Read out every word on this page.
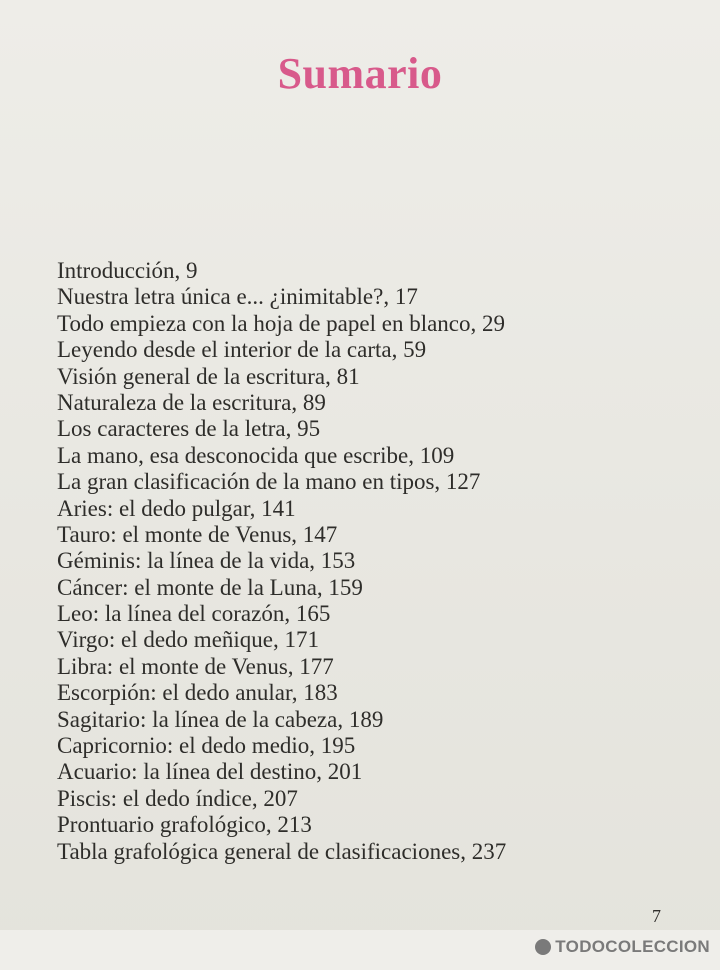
Sumario
Introducción, 9
Nuestra letra única e... ¿inimitable?, 17
Todo empieza con la hoja de papel en blanco, 29
Leyendo desde el interior de la carta, 59
Visión general de la escritura, 81
Naturaleza de la escritura, 89
Los caracteres de la letra, 95
La mano, esa desconocida que escribe, 109
La gran clasificación de la mano en tipos, 127
Aries: el dedo pulgar, 141
Tauro: el monte de Venus, 147
Géminis: la línea de la vida, 153
Cáncer: el monte de la Luna, 159
Leo: la línea del corazón, 165
Virgo: el dedo meñique, 171
Libra: el monte de Venus, 177
Escorpión: el dedo anular, 183
Sagitario: la línea de la cabeza, 189
Capricornio: el dedo medio, 195
Acuario: la línea del destino, 201
Piscis: el dedo índice, 207
Prontuario grafológico, 213
Tabla grafológica general de clasificaciones, 237
7
TODOCOLECCION
